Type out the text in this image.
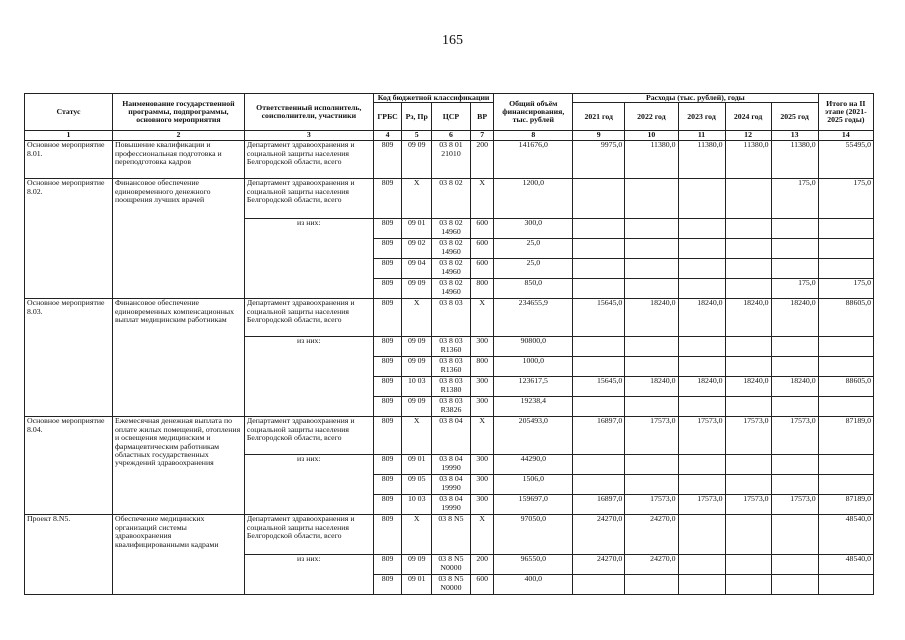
165
Статус	Наименование государственной программы, подпрограммы, основного мероприятия	Ответственный исполнитель, соисполнители, участники	Код бюджетной классификации				Общий объём финансирования, тыс. рублей	Расходы (тыс. рублей), годы					Итого на II этапе (2021-2025 годы)
			ГРБС	Рз, Пр	ЦСР	ВР		2021 год	2022 год	2023 год	2024 год	2025 год	
1	2	3	4	5	6	7	8	9	10	11	12	13	14
Основное мероприятие 8.01.	Повышение квалификации и профессиональная подготовка и переподготовка кадров	Департамент здравоохранения и социальной защиты населения Белгородской области, всего	809	09 09	03 8 01 21010	200	141676,0	9975,0	11380,0	11380,0	11380,0	11380,0	55495,0
Основное мероприятие 8.02.	Финансовое обеспечение единовременного денежного поощрения лучших врачей	Департамент здравоохранения и социальной защиты населения Белгородской области, всего	809	Х	03 8 02	Х	1200,0					175,0	175,0
		из них:	809	09 01	03 8 02 14960	600	300,0						
			809	09 02	03 8 02 14960	600	25,0						
			809	09 04	03 8 02 14960	600	25,0						
			809	09 09	03 8 02 14960	800	850,0					175,0	175,0
Основное мероприятие 8.03.	Финансовое обеспечение единовременных компенсационных выплат медицинским работникам	Департамент здравоохранения и социальной защиты населения Белгородской области, всего	809	Х	03 8 03	Х	234655,9	15645,0	18240,0	18240,0	18240,0	18240,0	88605,0
		из них:	809	09 09	03 8 03 R1360	300	90800,0						
			809	09 09	03 8 03 R1360	800	1000,0						
			809	10 03	03 8 03 R1380	300	123617,5	15645,0	18240,0	18240,0	18240,0	18240,0	88605,0
			809	09 09	03 8 03 R3826	300	19238,4						
Основное мероприятие 8.04.	Ежемесячная денежная выплата по оплате жилых помещений, отопления и освещения медицинским и фармацевтическим работникам областных государственных учреждений здравоохранения	Департамент здравоохранения и социальной защиты населения Белгородской области, всего	809	Х	03 8 04	Х	205493,0	16897,0	17573,0	17573,0	17573,0	17573,0	87189,0
		из них:	809	09 01	03 8 04 19990	300	44290,0						
			809	09 05	03 8 04 19990	300	1506,0						
			809	10 03	03 8 04 19990	300	159697,0	16897,0	17573,0	17573,0	17573,0	17573,0	87189,0
Проект 8.N5.	Обеспечение медицинских организаций системы здравоохранения квалифицированными кадрами	Департамент здравоохранения и социальной защиты населения Белгородской области, всего	809	Х	03 8 N5	Х	97050,0	24270,0	24270,0				48540,0
		из них:	809	09 09	03 8 N5 N0000	200	96550,0	24270,0	24270,0				48540,0
			809	09 01	03 8 N5 N0000	600	400,0						
